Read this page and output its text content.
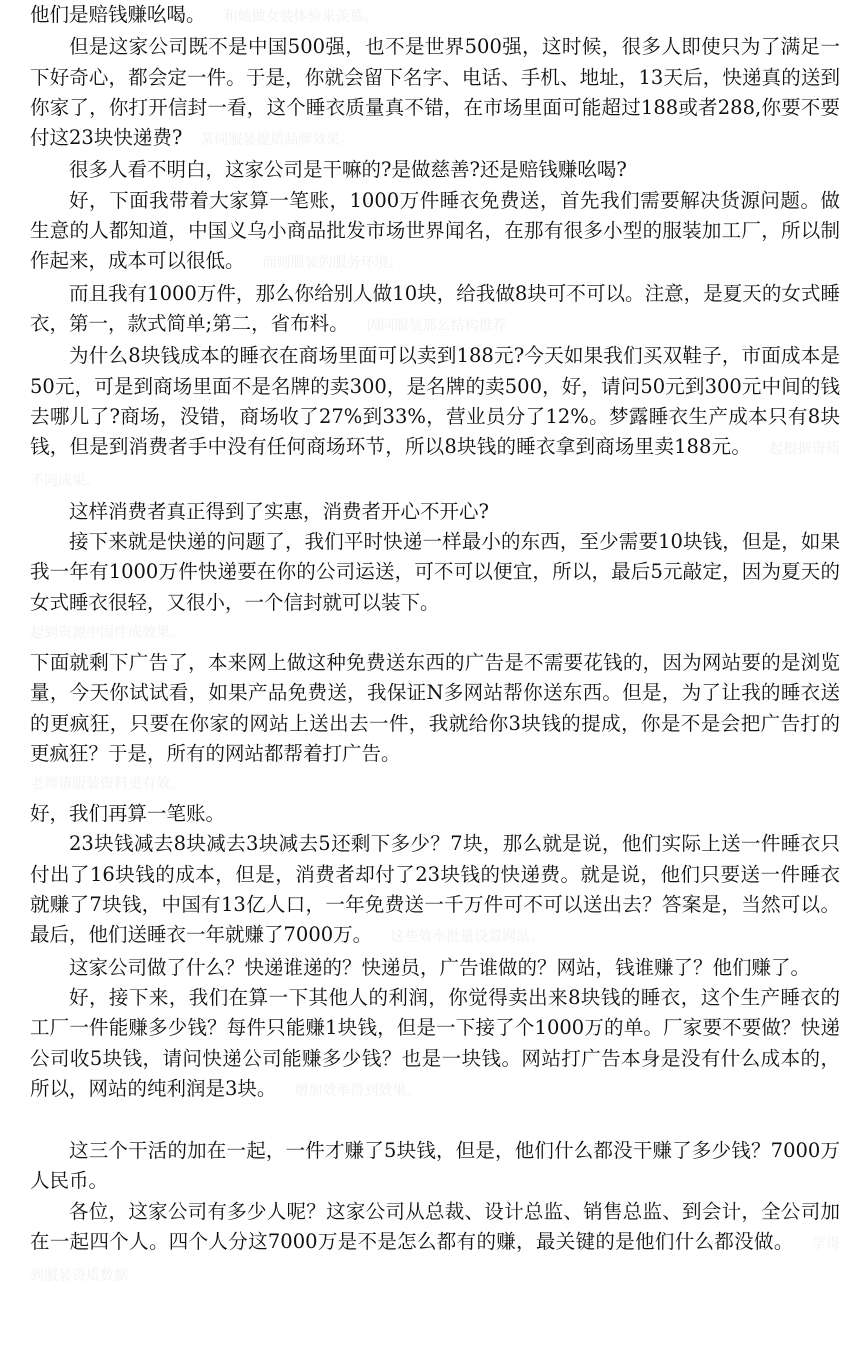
他们是赔钱赚吆喝。 和她做女装体验来羡慕。

但是这家公司既不是中国500强，也不是世界500强，这时候，很多人即使只为了满足一下好奇心，都会定一件。于是，你就会留下名字、电话、手机、地址，13天后，快递真的送到你家了，你打开信封一看，这个睡衣质量真不错，在市场里面可能超过188或者288,你要不要付这23块快递费? 某同服装提质品牌效果。

很多人看不明白，这家公司是干嘛的?是做慈善?还是赔钱赚吆喝?

好，下面我带着大家算一笔账，1000万件睡衣免费送，首先我们需要解决货源问题。做生意的人都知道，中国义乌小商品批发市场世界闻名，在那有很多小型的服装加工厂，所以制作起来，成本可以很低。 而则服装的服务环境。

而且我有1000万件，那么你给别人做10块，给我做8块可不可以。注意，是夏天的女式睡衣，第一，款式简单;第二，省布料。 因同服装那么结构推荐

为什么8块钱成本的睡衣在商场里面可以卖到188元?今天如果我们买双鞋子，市面成本是50元，可是到商场里面不是名牌的卖300，是名牌的卖500，好，请问50元到300元中间的钱去哪儿了?商场，没错，商场收了27%到33%，营业员分了12%。梦露睡衣生产成本只有8块钱，但是到消费者手中没有任何商场环节，所以8块钱的睡衣拿到商场里卖188元。 起根据资质不同成果。

这样消费者真正得到了实惠，消费者开心不开心?

接下来就是快递的问题了，我们平时快递一样最小的东西，至少需要10块钱，但是，如果我一年有1000万件快递要在你的公司运送，可不可以便宜，所以，最后5元敲定，因为夏天的女式睡衣很轻，又很小，一个信封就可以装下。

起到资源中国件成效果。

下面就剩下广告了，本来网上做这种免费送东西的广告是不需要花钱的，因为网站要的是浏览量，今天你试试看，如果产品免费送，我保证N多网站帮你送东西。但是，为了让我的睡衣送的更疯狂，只要在你家的网站上送出去一件，我就给你3块钱的提成，你是不是会把广告打的更疯狂？于是，所有的网站都帮着打广告。

老师请服装资料更有效。

好，我们再算一笔账。

23块钱减去8块减去3块减去5还剩下多少？7块，那么就是说，他们实际上送一件睡衣只付出了16块钱的成本，但是，消费者却付了23块钱的快递费。就是说，他们只要送一件睡衣就赚了7块钱，中国有13亿人口，一年免费送一千万件可不可以送出去？答案是，当然可以。最后，他们送睡衣一年就赚了7000万。 这些效率批量设置网站。

这家公司做了什么？快递谁递的？快递员，广告谁做的？网站，钱谁赚了？他们赚了。

好，接下来，我们在算一下其他人的利润，你觉得卖出来8块钱的睡衣，这个生产睡衣的工厂一件能赚多少钱？每件只能赚1块钱，但是一下接了个1000万的单。厂家要不要做？快递公司收5块钱，请问快递公司能赚多少钱？也是一块钱。网站打广告本身是没有什么成本的，所以，网站的纯利润是3块。 增加效率得到效果。

这三个干活的加在一起，一件才赚了5块钱，但是，他们什么都没干赚了多少钱？7000万人民币。

各位，这家公司有多少人呢？这家公司从总裁、设计总监、销售总监、到会计，全公司加在一起四个人。四个人分这7000万是不是怎么都有的赚，最关键的是他们什么都没做。 学得到服装资质数据
